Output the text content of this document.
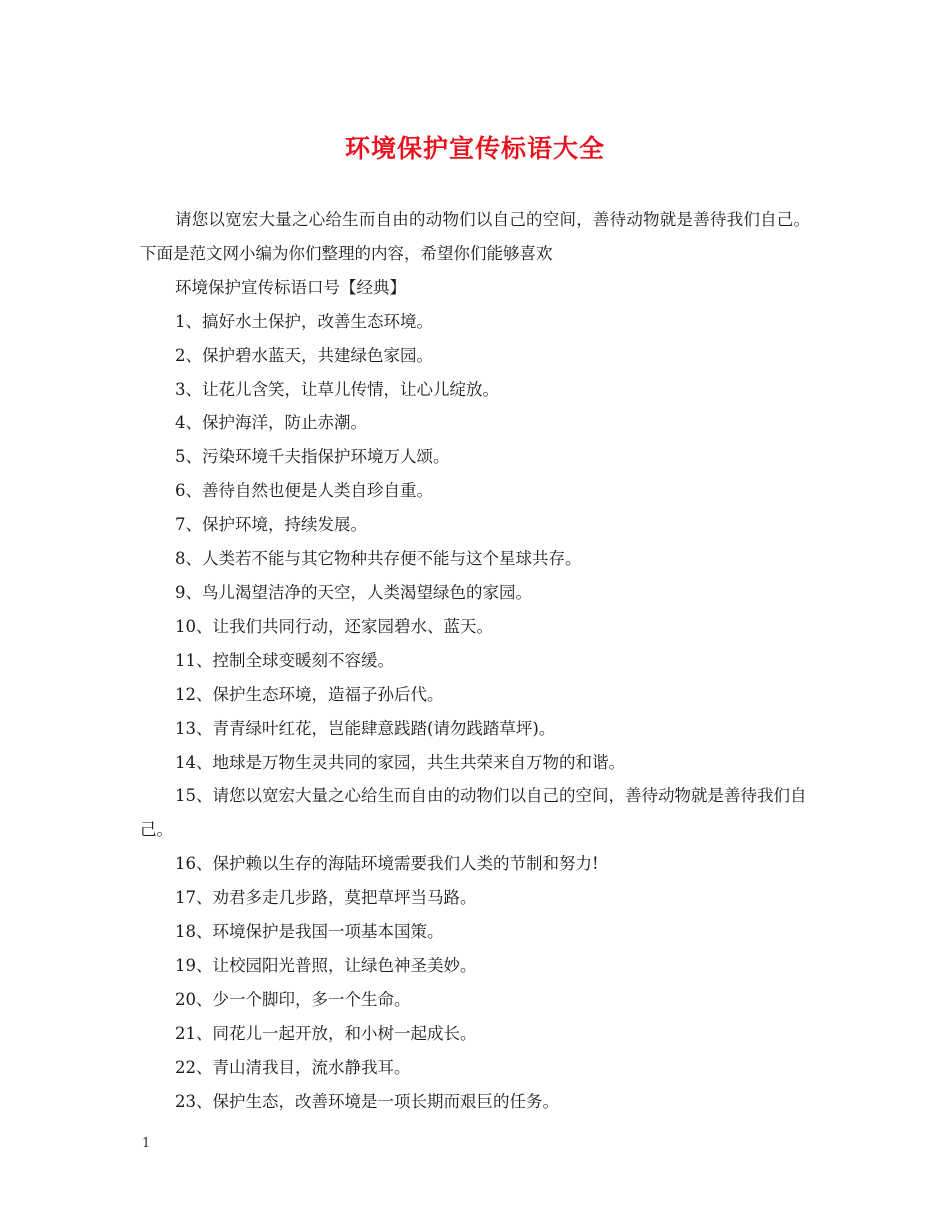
环境保护宣传标语大全

请您以宽宏大量之心给生而自由的动物们以自己的空间，善待动物就是善待我们自己。下面是范文网小编为你们整理的内容，希望你们能够喜欢

环境保护宣传标语口号【经典】

1、搞好水土保护，改善生态环境。

2、保护碧水蓝天，共建绿色家园。

3、让花儿含笑，让草儿传情，让心儿绽放。

4、保护海洋，防止赤潮。

5、污染环境千夫指保护环境万人颂。

6、善待自然也便是人类自珍自重。

7、保护环境，持续发展。

8、人类若不能与其它物种共存便不能与这个星球共存。

9、鸟儿渴望洁净的天空，人类渴望绿色的家园。

10、让我们共同行动，还家园碧水、蓝天。

11、控制全球变暖刻不容缓。

12、保护生态环境，造福子孙后代。

13、青青绿叶红花，岂能肆意践踏(请勿践踏草坪)。

14、地球是万物生灵共同的家园，共生共荣来自万物的和谐。

15、请您以宽宏大量之心给生而自由的动物们以自己的空间，善待动物就是善待我们自己。

16、保护赖以生存的海陆环境需要我们人类的节制和努力!

17、劝君多走几步路，莫把草坪当马路。

18、环境保护是我国一项基本国策。

19、让校园阳光普照，让绿色神圣美妙。

20、少一个脚印，多一个生命。

21、同花儿一起开放，和小树一起成长。

22、青山清我目，流水静我耳。

23、保护生态，改善环境是一项长期而艰巨的任务。

1
